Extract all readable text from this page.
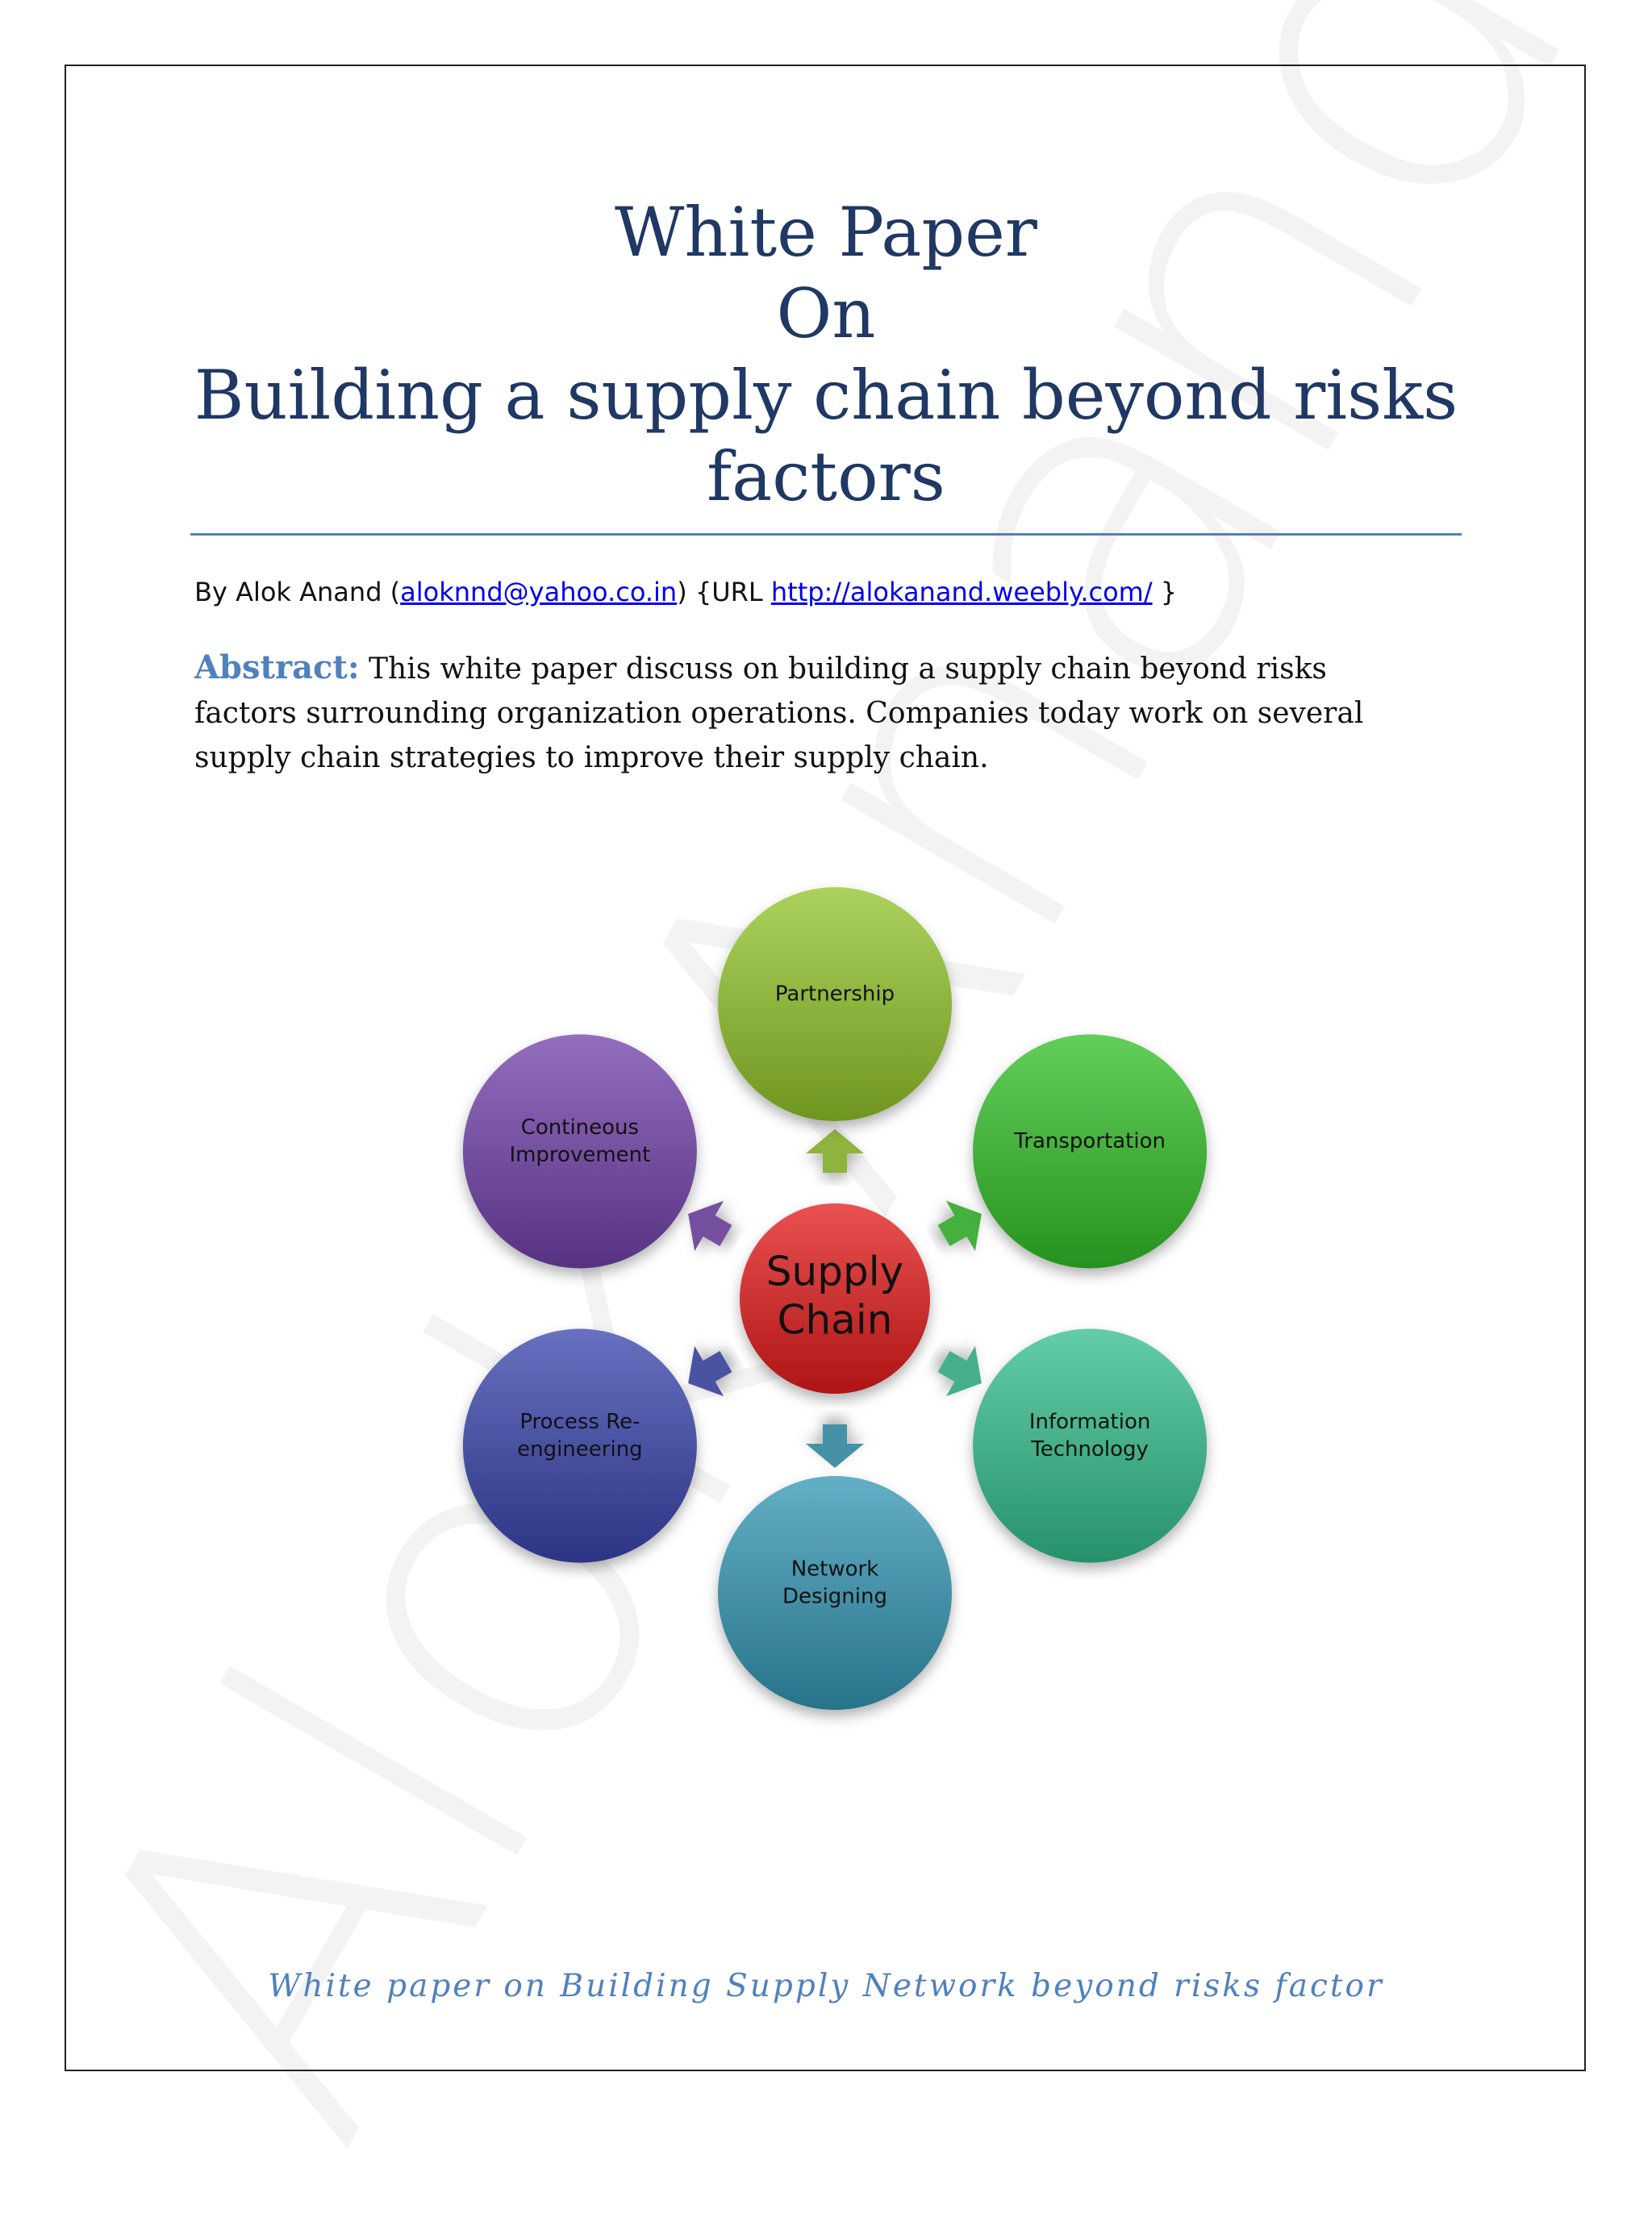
White Paper
On
Building a supply chain beyond risks
factors
By Alok Anand (aloknnd@yahoo.co.in) {URL http://alokanand.weebly.com/ }
Abstract: This white paper discuss on building a supply chain beyond risks factors surrounding organization operations. Companies today work on several supply chain strategies to improve their supply chain.
Partnership
Transportation
Information Technology
Network Designing
Process Re-engineering
Contineous Improvement
Supply Chain
White paper on Building Supply Network beyond risks factor
